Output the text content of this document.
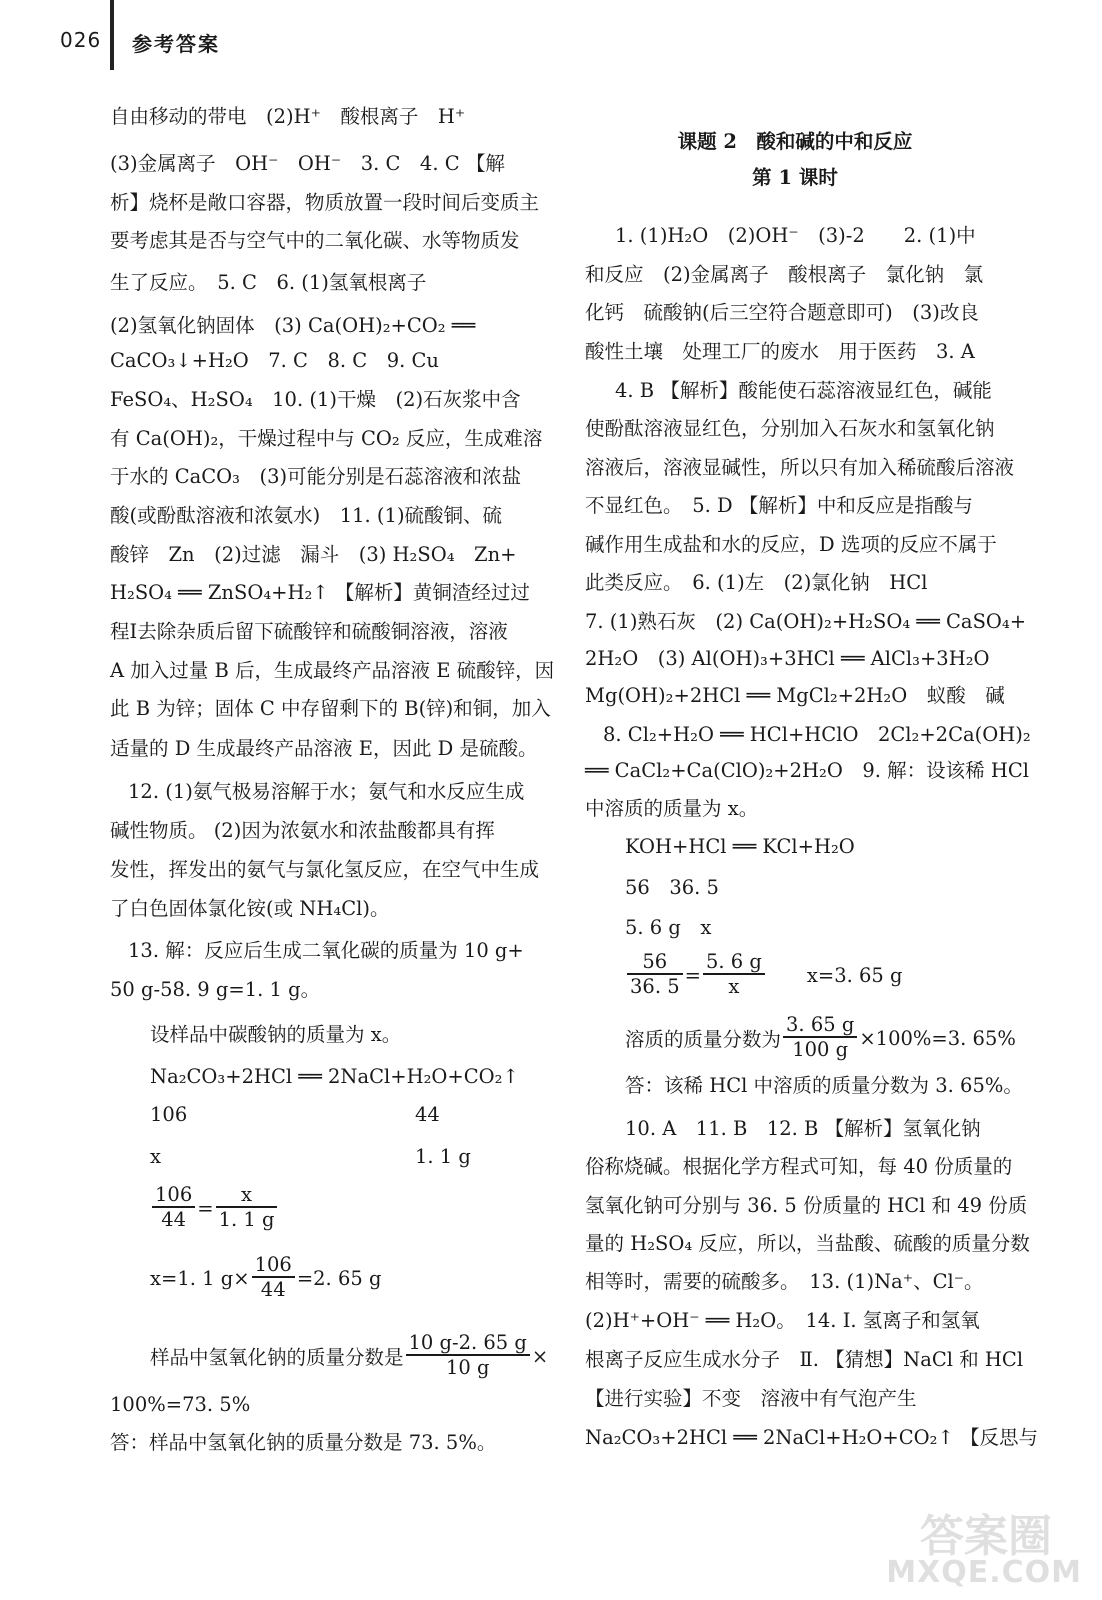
026 参考答案
自由移动的带电　(2)H⁺　酸根离子　H⁺
(3)金属离子　OH⁻　OH⁻　3. C　4. C 【解
析】烧杯是敞口容器，物质放置一段时间后变质主
要考虑其是否与空气中的二氧化碳、水等物质发
生了反应。　5. C　6. (1)氢氧根离子
(2)氢氧化钠固体　(3) Ca(OH)₂+CO₂ ══
CaCO₃↓+H₂O　7. C　8. C　9. Cu
FeSO₄、H₂SO₄　10. (1)干燥　(2)石灰浆中含
有 Ca(OH)₂，干燥过程中与 CO₂ 反应，生成难溶
于水的 CaCO₃　(3)可能分别是石蕊溶液和浓盐
酸(或酚酞溶液和浓氨水)　11. (1)硫酸铜、硫
酸锌　Zn　(2)过滤　漏斗　(3) H₂SO₄　Zn+
H₂SO₄ ══ ZnSO₄+H₂↑ 【解析】黄铜渣经过过
程Ⅰ去除杂质后留下硫酸锌和硫酸铜溶液，溶液
A 加入过量 B 后，生成最终产品溶液 E 硫酸锌，因
此 B 为锌；固体 C 中存留剩下的 B(锌)和铜，加入
适量的 D 生成最终产品溶液 E，因此 D 是硫酸。
12. (1)氨气极易溶解于水；氨气和水反应生成
碱性物质。 (2)因为浓氨水和浓盐酸都具有挥
发性，挥发出的氨气与氯化氢反应，在空气中生成
了白色固体氯化铵(或 NH₄Cl)。
13. 解：反应后生成二氧化碳的质量为 10 g+
50 g-58. 9 g=1. 1 g。
设样品中碳酸钠的质量为 x。
Na₂CO₃+2HCl ══ 2NaCl+H₂O+CO₂↑
106	44
x	1. 1 g
$\frac{106}{44} = \frac{x}{1. 1 g}$
x=1. 1 $g\times \frac{106}{44} =2$. 65 g
样品中氢氧化钠的质量分数是 $\frac{10 g-2. 65 g}{10 g}$ ×
100%=73. 5%
答：样品中氢氧化钠的质量分数是 73. 5%。
课题 2　酸和碱的中和反应
第 1 课时
1. (1)H₂O　(2)OH⁻　(3)-2　　2. (1)中
和反应　(2)金属离子　酸根离子　氯化钠　氯
化钙　硫酸钠(后三空符合题意即可)　(3)改良
酸性土壤　处理工厂的废水　用于医药　3. A
4. B 【解析】酸能使石蕊溶液显红色，碱能
使酚酞溶液显红色，分别加入石灰水和氢氧化钠
溶液后，溶液显碱性，所以只有加入稀硫酸后溶液
不显红色。　5. D 【解析】中和反应是指酸与
碱作用生成盐和水的反应，D 选项的反应不属于
此类反应。　6. (1)左　(2)氯化钠　HCl
7. (1)熟石灰　(2) Ca(OH)₂+H₂SO₄ ══ CaSO₄+
2H₂O　(3) Al(OH)₃+3HCl ══ AlCl₃+3H₂O
Mg(OH)₂+2HCl ══ MgCl₂+2H₂O　蚁酸　碱
8. Cl₂+H₂O ══ HCl+HClO　2Cl₂+2Ca(OH)₂
══ CaCl₂+Ca(ClO)₂+2H₂O　9. 解：设该稀 HCl
中溶质的质量为 x。
KOH+HCl ══ KCl+H₂O
56　36. 5
5. 6 g　x
$\frac{56}{36. 5} = \frac{5. 6 g}{x} x=3$. 65 g
溶质的质量分数为 $\frac{3. 65 g}{100 g} \times 100\%=3$. 65%
答：该稀 HCl 中溶质的质量分数为 3. 65%。
10. A　11. B　12. B 【解析】氢氧化钠
俗称烧碱。根据化学方程式可知，每 40 份质量的
氢氧化钠可分别与 36. 5 份质量的 HCl 和 49 份质
量的 H₂SO₄ 反应，所以，当盐酸、硫酸的质量分数
相等时，需要的硫酸多。　13. (1)Na⁺、Cl⁻。
(2)H⁺+OH⁻ ══ H₂O。　14. Ⅰ. 氢离子和氢氧
根离子反应生成水分子　Ⅱ. 【猜想】NaCl 和 HCl
【进行实验】不变　溶液中有气泡产生
Na₂CO₃+2HCl ══ 2NaCl+H₂O+CO₂↑ 【反思与
答案圈
MXQE.COM
